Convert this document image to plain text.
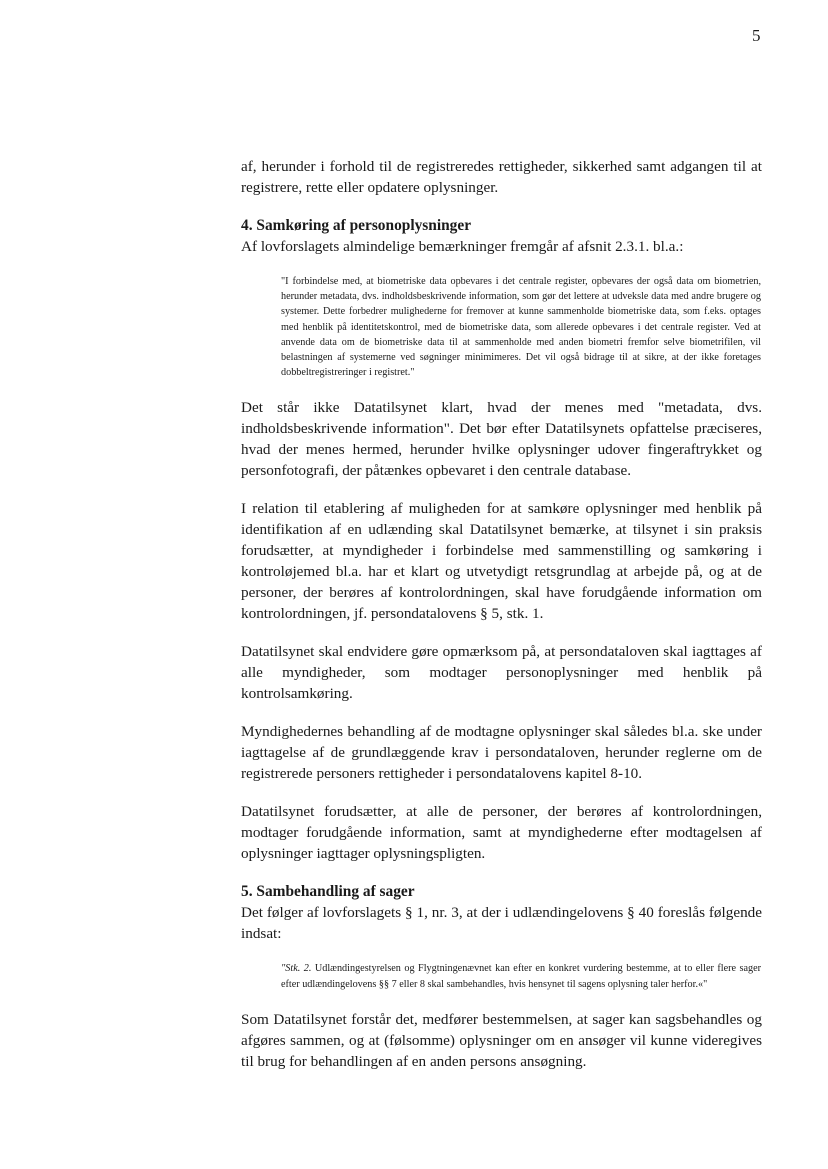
5

af, herunder i forhold til de registreredes rettigheder, sikkerhed samt adgangen til at registrere, rette eller opdatere oplysninger.

4. Samkøring af personoplysninger

Af lovforslagets almindelige bemærkninger fremgår af afsnit 2.3.1. bl.a.:

"I forbindelse med, at biometriske data opbevares i det centrale register, opbevares der også data om biometrien, herunder metadata, dvs. indholdsbeskrivende information, som gør det lettere at udveksle data med andre brugere og systemer. Dette forbedrer mulighederne for fremover at kunne sammenholde biometriske data, som f.eks. optages med henblik på identitetskontrol, med de biometriske data, som allerede opbevares i det centrale register. Ved at anvende data om de biometriske data til at sammenholde med anden biometri fremfor selve biometrifilen, vil belastningen af systemerne ved søgninger minimimeres. Det vil også bidrage til at sikre, at der ikke foretages dobbeltregistreringer i registret."

Det står ikke Datatilsynet klart, hvad der menes med "metadata, dvs. indholdsbeskrivende information". Det bør efter Datatilsynets opfattelse præciseres, hvad der menes hermed, herunder hvilke oplysninger udover fingeraftrykket og personfotografi, der påtænkes opbevaret i den centrale database.

I relation til etablering af muligheden for at samkøre oplysninger med henblik på identifikation af en udlænding skal Datatilsynet bemærke, at tilsynet i sin praksis forudsætter, at myndigheder i forbindelse med sammenstilling og samkøring i kontroløjemed bl.a. har et klart og utvetydigt retsgrundlag at arbejde på, og at de personer, der berøres af kontrolordningen, skal have forudgående information om kontrolordningen, jf. persondatalovens § 5, stk. 1.

Datatilsynet skal endvidere gøre opmærksom på, at persondataloven skal iagttages af alle myndigheder, som modtager personoplysninger med henblik på kontrolsamkøring.

Myndighedernes behandling af de modtagne oplysninger skal således bl.a. ske under iagttagelse af de grundlæggende krav i persondataloven, herunder reglerne om de registrerede personers rettigheder i persondatalovens kapitel 8-10.

Datatilsynet forudsætter, at alle de personer, der berøres af kontrolordningen, modtager forudgående information, samt at myndighederne efter modtagelsen af oplysninger iagttager oplysningspligten.

5. Sambehandling af sager

Det følger af lovforslagets § 1, nr. 3, at der i udlændingelovens § 40 foreslås følgende indsat:

"Stk. 2. Udlændingestyrelsen og Flygtningenævnet kan efter en konkret vurdering bestemme, at to eller flere sager efter udlændingelovens §§ 7 eller 8 skal sambehandles, hvis hensynet til sagens oplysning taler herfor.«"

Som Datatilsynet forstår det, medfører bestemmelsen, at sager kan sagsbehandles og afgøres sammen, og at (følsomme) oplysninger om en ansøger vil kunne videregives til brug for behandlingen af en anden persons ansøgning.
